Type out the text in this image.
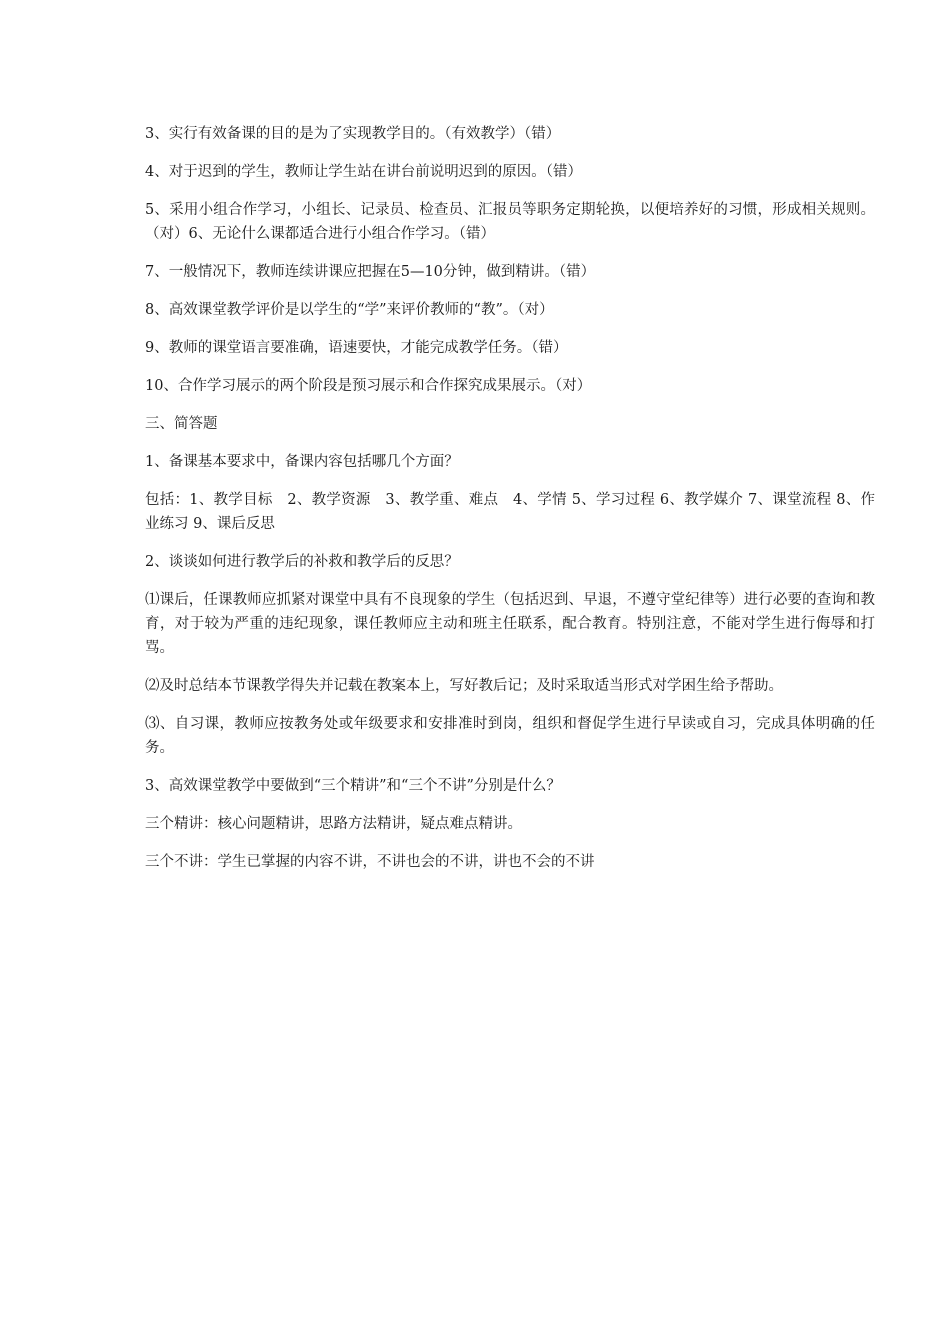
3、实行有效备课的目的是为了实现教学目的。（有效教学）（错）

4、对于迟到的学生，教师让学生站在讲台前说明迟到的原因。（错）

5、采用小组合作学习，小组长、记录员、检查员、汇报员等职务定期轮换，以便培养好的习惯，形成相关规则。（对）6、无论什么课都适合进行小组合作学习。（错）

7、一般情况下，教师连续讲课应把握在5—10分钟，做到精讲。（错）

8、高效课堂教学评价是以学生的“学”来评价教师的“教”。（对）

9、教师的课堂语言要准确，语速要快，才能完成教学任务。（错）

10、合作学习展示的两个阶段是预习展示和合作探究成果展示。（对）

三、简答题

1、备课基本要求中，备课内容包括哪几个方面？

包括：1、教学目标　2、教学资源　3、教学重、难点　4、学情 5、学习过程 6、教学媒介 7、课堂流程 8、作业练习 9、课后反思

2、谈谈如何进行教学后的补救和教学后的反思？

⑴课后，任课教师应抓紧对课堂中具有不良现象的学生（包括迟到、早退，不遵守堂纪律等）进行必要的查询和教育，对于较为严重的违纪现象，课任教师应主动和班主任联系，配合教育。特别注意，不能对学生进行侮辱和打骂。

⑵及时总结本节课教学得失并记载在教案本上，写好教后记；及时采取适当形式对学困生给予帮助。

⑶、自习课，教师应按教务处或年级要求和安排准时到岗，组织和督促学生进行早读或自习，完成具体明确的任务。

3、高效课堂教学中要做到“三个精讲”和“三个不讲”分别是什么？

三个精讲：核心问题精讲，思路方法精讲，疑点难点精讲。

三个不讲：学生已掌握的内容不讲，不讲也会的不讲，讲也不会的不讲
